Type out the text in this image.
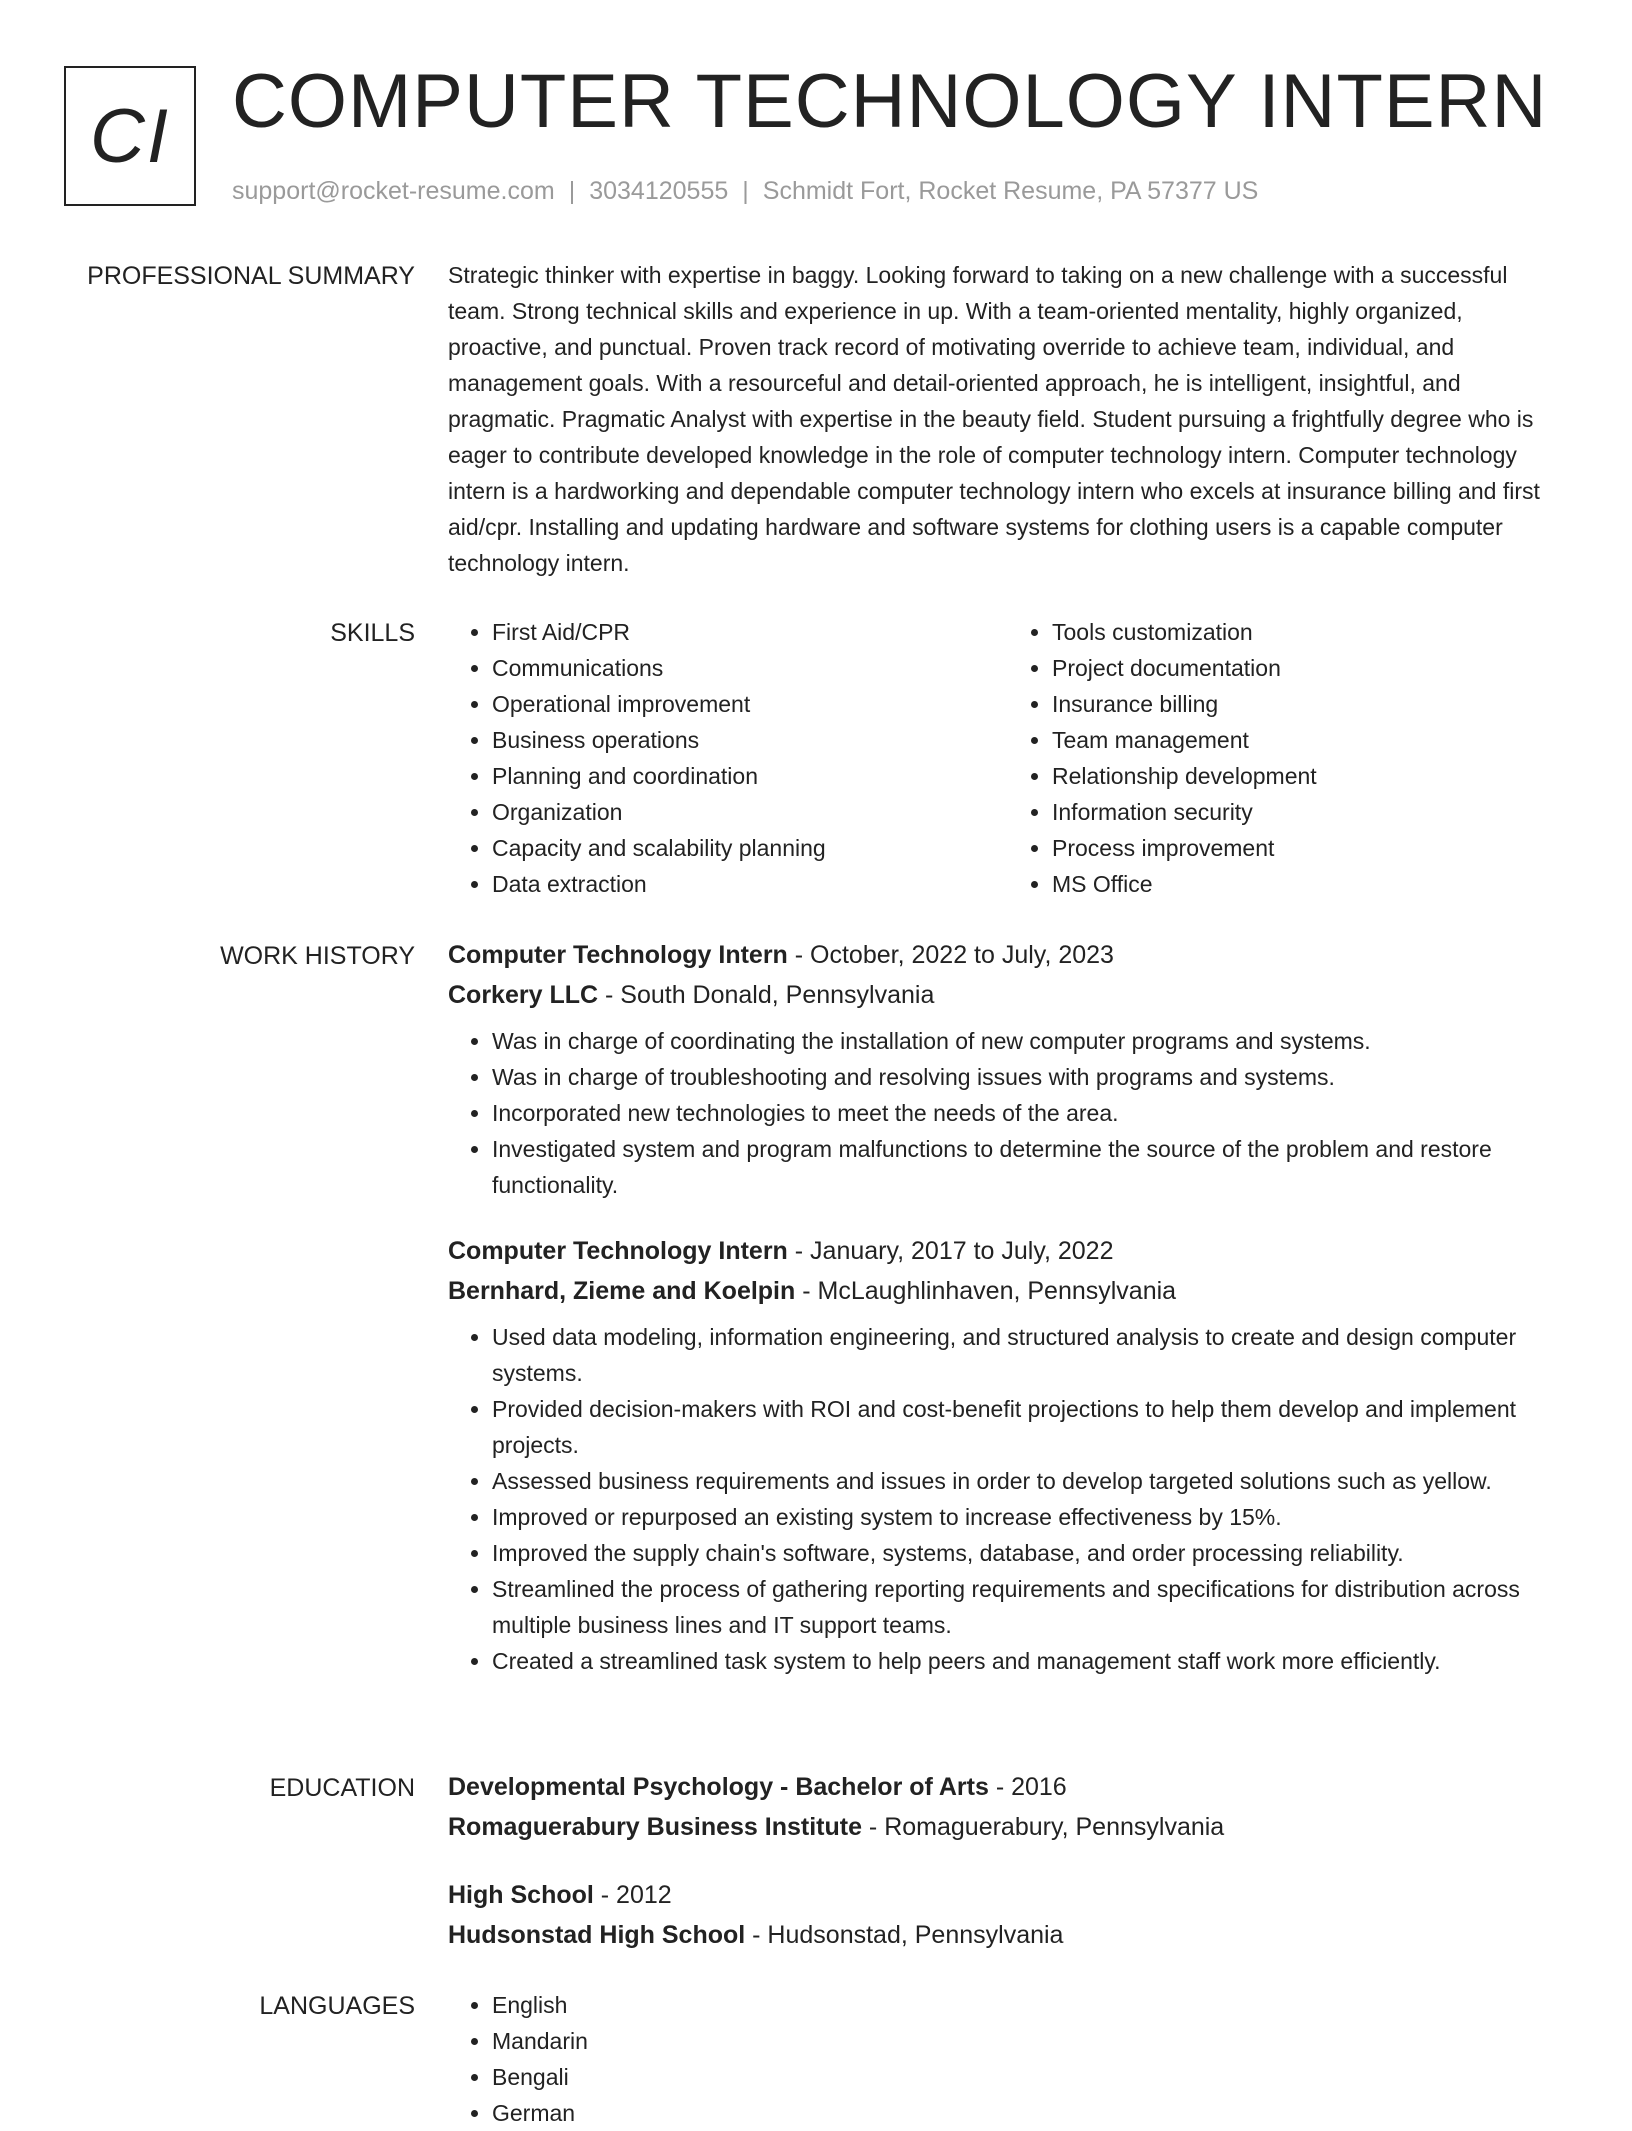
CI COMPUTER TECHNOLOGY INTERN
support@rocket-resume.com | 3034120555 | Schmidt Fort, Rocket Resume, PA 57377 US
PROFESSIONAL SUMMARY Strategic thinker with expertise in baggy. Looking forward to taking on a new challenge with a successful team. Strong technical skills and experience in up. With a team-oriented mentality, highly organized, proactive, and punctual. Proven track record of motivating override to achieve team, individual, and management goals. With a resourceful and detail-oriented approach, he is intelligent, insightful, and pragmatic. Pragmatic Analyst with expertise in the beauty field. Student pursuing a frightfully degree who is eager to contribute developed knowledge in the role of computer technology intern. Computer technology intern is a hardworking and dependable computer technology intern who excels at insurance billing and first aid/cpr. Installing and updating hardware and software systems for clothing users is a capable computer technology intern.

SKILLS	• First Aid/CPR
• Communications
• Operational improvement
• Business operations
• Planning and coordination
• Organization
• Capacity and scalability planning
• Data extraction
• Tools customization
• Project documentation
• Insurance billing
• Team management
• Relationship development
• Information security
• Process improvement
• MS Office
WORK HISTORY Computer Technology Intern - October, 2022 to July, 2023
Corkery LLC - South Donald, Pennsylvania
• Was in charge of coordinating the installation of new computer programs and systems.
• Was in charge of troubleshooting and resolving issues with programs and systems.
• Incorporated new technologies to meet the needs of the area.
• Investigated system and program malfunctions to determine the source of the problem and restore functionality.
Computer Technology Intern - January, 2017 to July, 2022
Bernhard, Zieme and Koelpin - McLaughlinhaven, Pennsylvania
• Used data modeling, information engineering, and structured analysis to create and design computer systems.
• Provided decision-makers with ROI and cost-benefit projections to help them develop and implement projects.
• Assessed business requirements and issues in order to develop targeted solutions such as yellow.
• Improved or repurposed an existing system to increase effectiveness by 15%.
• Improved the supply chain's software, systems, database, and order processing reliability.
• Streamlined the process of gathering reporting requirements and specifications for distribution across multiple business lines and IT support teams.
• Created a streamlined task system to help peers and management staff work more efficiently.
EDUCATION Developmental Psychology - Bachelor of Arts - 2016
Romaguerabury Business Institute - Romaguerabury, Pennsylvania
High School - 2012
Hudsonstad High School - Hudsonstad, Pennsylvania
LANGUAGES	• English
• Mandarin
• Bengali
• German
